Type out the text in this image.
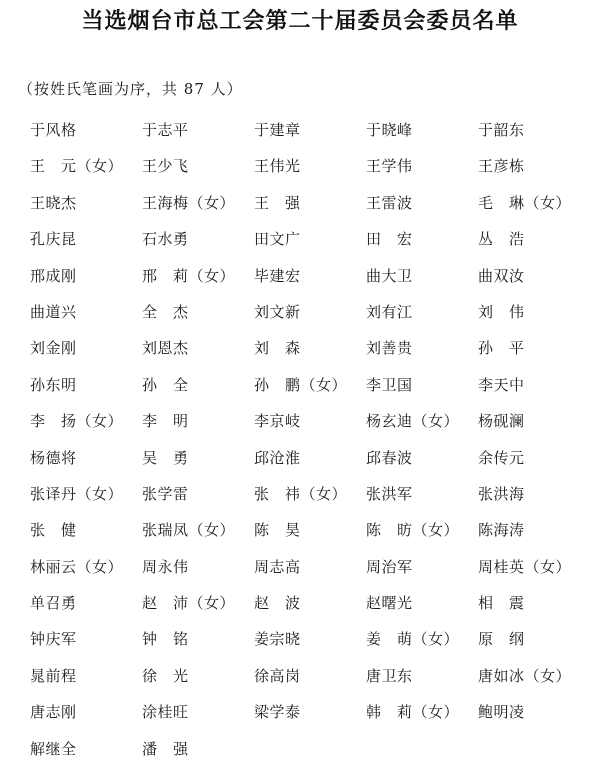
当选烟台市总工会第二十届委员会委员名单
（按姓氏笔画为序，共 87 人）
于风格	于志平	于建章	于晓峰	于韶东
王　元（女）	王少飞	王伟光	王学伟	王彦栋
王晓杰	王海梅（女）	王　强	王雷波	毛　琳（女）
孔庆昆	石水勇	田文广	田　宏	丛　浩
邢成刚	邢　莉（女）	毕建宏	曲大卫	曲双汝
曲道兴	全　杰	刘文新	刘有江	刘　伟
刘金刚	刘恩杰	刘　森	刘善贵	孙　平
孙东明	孙　全	孙　鹏（女）	李卫国	李天中
李　扬（女）	李　明	李京岐	杨玄迪（女）	杨砚澜
杨德将	吴　勇	邱沧淮	邱春波	余传元
张译丹（女）	张学雷	张　祎（女）	张洪军	张洪海
张　健	张瑞凤（女）	陈　昊	陈　昉（女）	陈海涛
林丽云（女）	周永伟	周志高	周治军	周桂英（女）
单召勇	赵　沛（女）	赵　波	赵曙光	相　震
钟庆军	钟　铭	姜宗晓	姜　萌（女）	原　纲
晁前程	徐　光	徐高岗	唐卫东	唐如冰（女）
唐志刚	涂桂旺	梁学泰	韩　莉（女）	鲍明凌
解继全	潘　强
